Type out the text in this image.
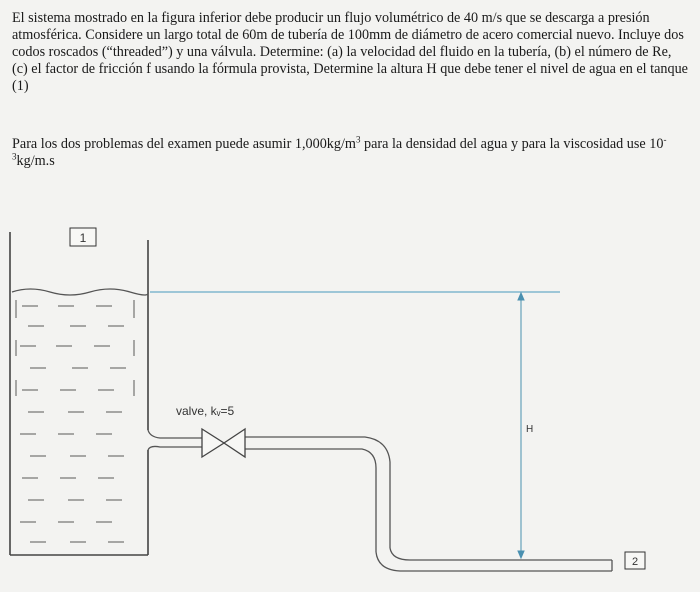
El sistema mostrado en la figura inferior debe producir un flujo volumétrico de 40 m/s que se descarga a presión atmosférica. Considere un largo total de 60m de tubería de 100mm de diámetro de acero comercial nuevo. Incluye dos codos roscados (“threaded”) y una válvula. Determine: (a) la velocidad del fluido en la tubería, (b) el número de Re, (c) el factor de fricción f usando la fórmula provista, Determine la altura H que debe tener el nivel de agua en el tanque (1)

Para los dos problemas del examen puede asumir $1,000kg/m^3$ para la densidad del agua y para la viscosidad use $10^{-3}kg/m.s$

1
valve, kᵥ=5
H
2
